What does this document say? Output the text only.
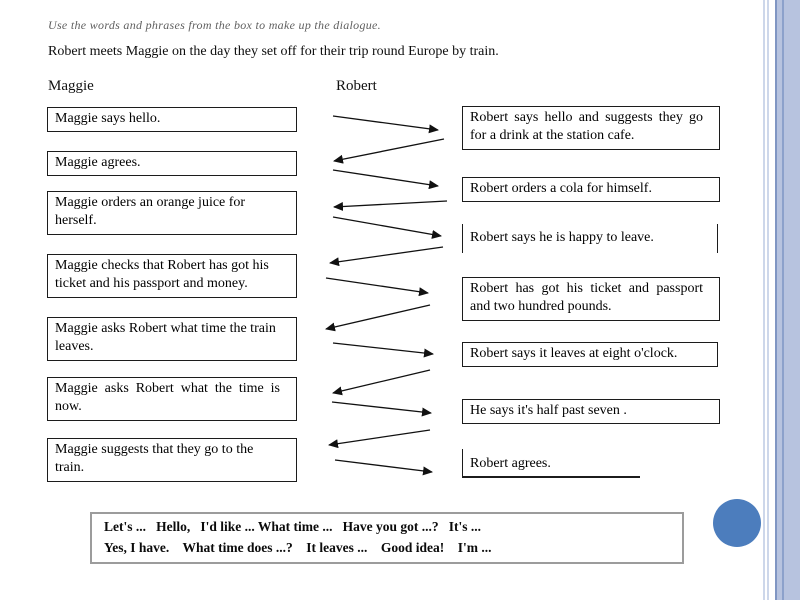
Use the words and phrases from the box to make up the dialogue.
Robert meets Maggie on the day they set off for their trip round Europe by train.
Maggie	Robert
Maggie says hello.
Maggie agrees.
Maggie orders an orange juice for herself.
Maggie checks that Robert has got his ticket and his passport and money.
Maggie asks Robert what time the train leaves.
Maggie asks Robert what the time is now.
Maggie suggests that they go to the train.
Robert says hello and suggests they go for a drink at the station cafe.
Robert orders a cola for himself.
Robert says he is happy to leave.
Robert has got his ticket and passport and two hundred pounds.
Robert says it leaves at eight o'clock.
He says it's half past seven .
Robert agrees.
Let's ...   Hello,   I'd like ... What time ...   Have you got ...?   It's ...
Yes, I have.    What time does ...?    It leaves ...    Good idea!    I'm ...
